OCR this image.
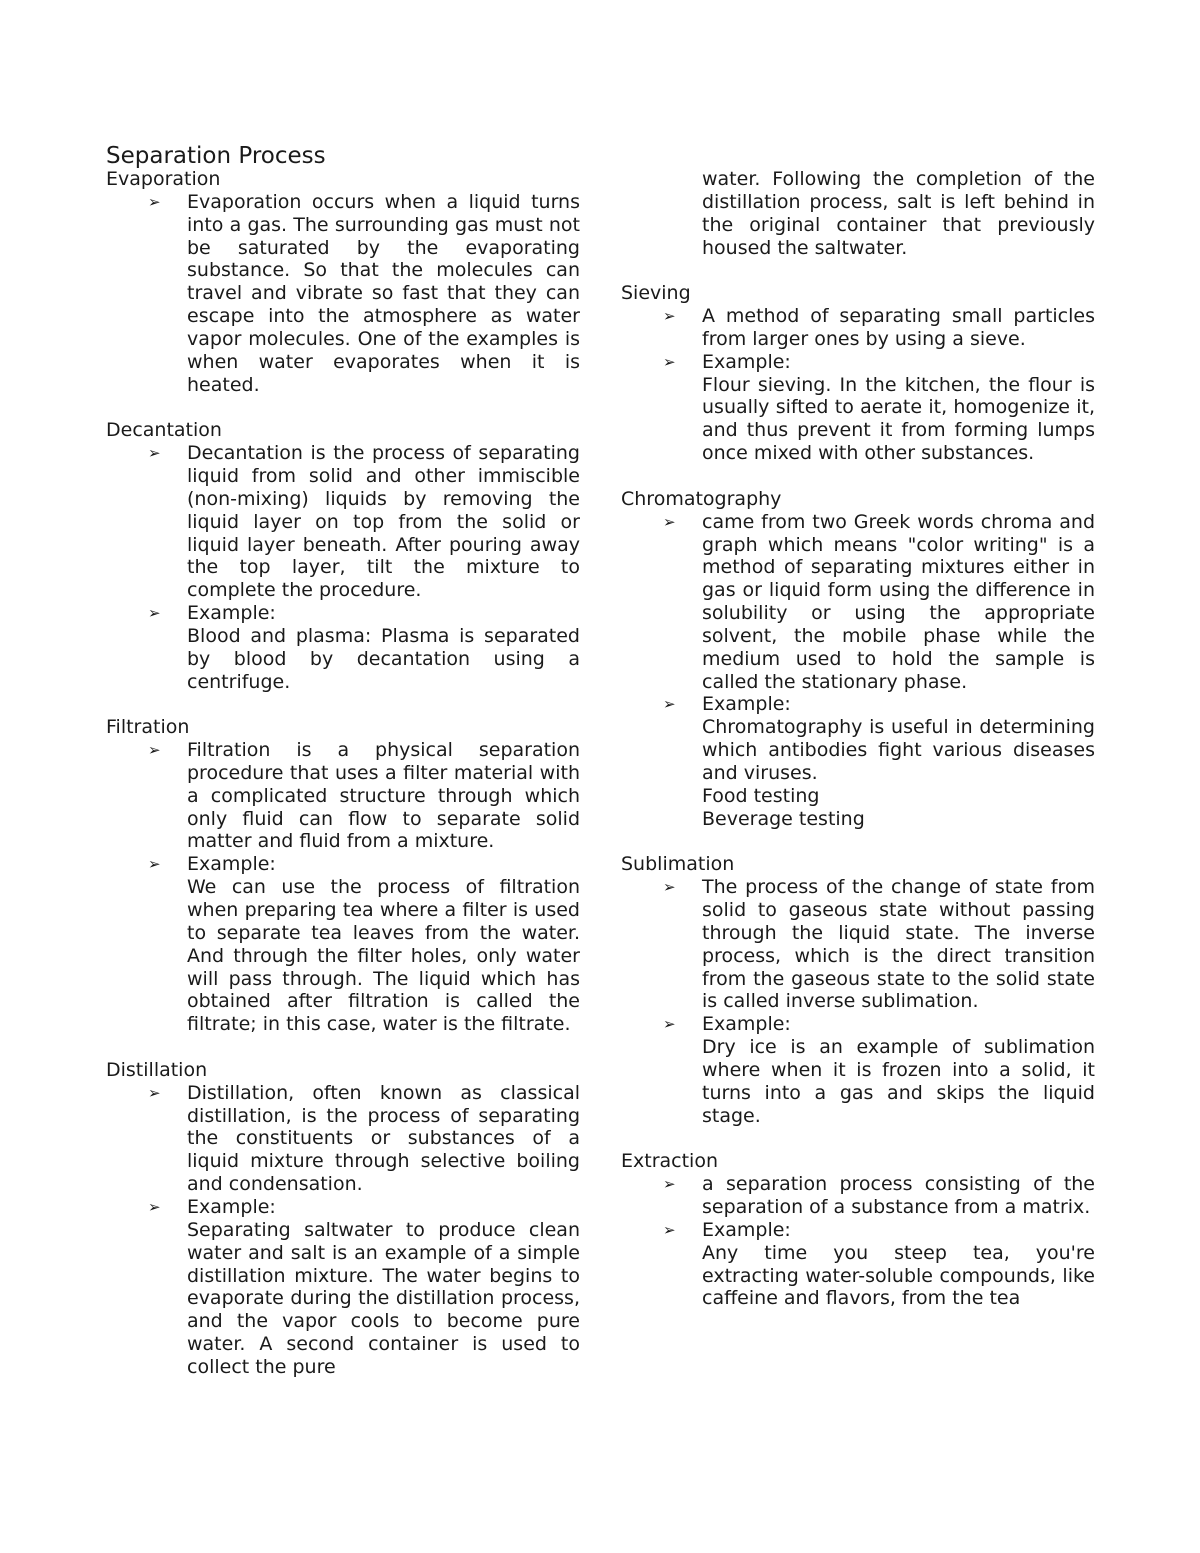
Separation Process

Evaporation

➢ Evaporation occurs when a liquid turns into a gas. The surrounding gas must not be saturated by the evaporating substance. So that the molecules can travel and vibrate so fast that they can escape into the atmosphere as water vapor molecules. One of the examples is when water evaporates when it is heated.

Decantation

➢ Decantation is the process of separating liquid from solid and other immiscible (non-mixing) liquids by removing the liquid layer on top from the solid or liquid layer beneath. After pouring away the top layer, tilt the mixture to complete the procedure.
➢ Example:
Blood and plasma: Plasma is separated by blood by decantation using a centrifuge.

Filtration

➢ Filtration is a physical separation procedure that uses a filter material with a complicated structure through which only fluid can flow to separate solid matter and fluid from a mixture.
➢ Example:
We can use the process of filtration when preparing tea where a filter is used to separate tea leaves from the water. And through the filter holes, only water will pass through. The liquid which has obtained after filtration is called the filtrate; in this case, water is the filtrate.

Distillation

➢ Distillation, often known as classical distillation, is the process of separating the constituents or substances of a liquid mixture through selective boiling and condensation.
➢ Example:
Separating saltwater to produce clean water and salt is an example of a simple distillation mixture. The water begins to evaporate during the distillation process, and the vapor cools to become pure water. A second container is used to collect the pure
water. Following the completion of the distillation process, salt is left behind in the original container that previously housed the saltwater.

Sieving

➢ A method of separating small particles from larger ones by using a sieve.
➢ Example:
Flour sieving. In the kitchen, the flour is usually sifted to aerate it, homogenize it, and thus prevent it from forming lumps once mixed with other substances.

Chromatography

➢ came from two Greek words chroma and graph which means "color writing" is a method of separating mixtures either in gas or liquid form using the difference in solubility or using the appropriate solvent, the mobile phase while the medium used to hold the sample is called the stationary phase.
➢ Example:
Chromatography is useful in determining which antibodies fight various diseases and viruses.
Food testing
Beverage testing

Sublimation

➢ The process of the change of state from solid to gaseous state without passing through the liquid state. The inverse process, which is the direct transition from the gaseous state to the solid state is called inverse sublimation.
➢ Example:
Dry ice is an example of sublimation where when it is frozen into a solid, it turns into a gas and skips the liquid stage.

Extraction

➢ a separation process consisting of the separation of a substance from a matrix.
➢ Example:
Any time you steep tea, you're extracting water-soluble compounds, like caffeine and flavors, from the tea
